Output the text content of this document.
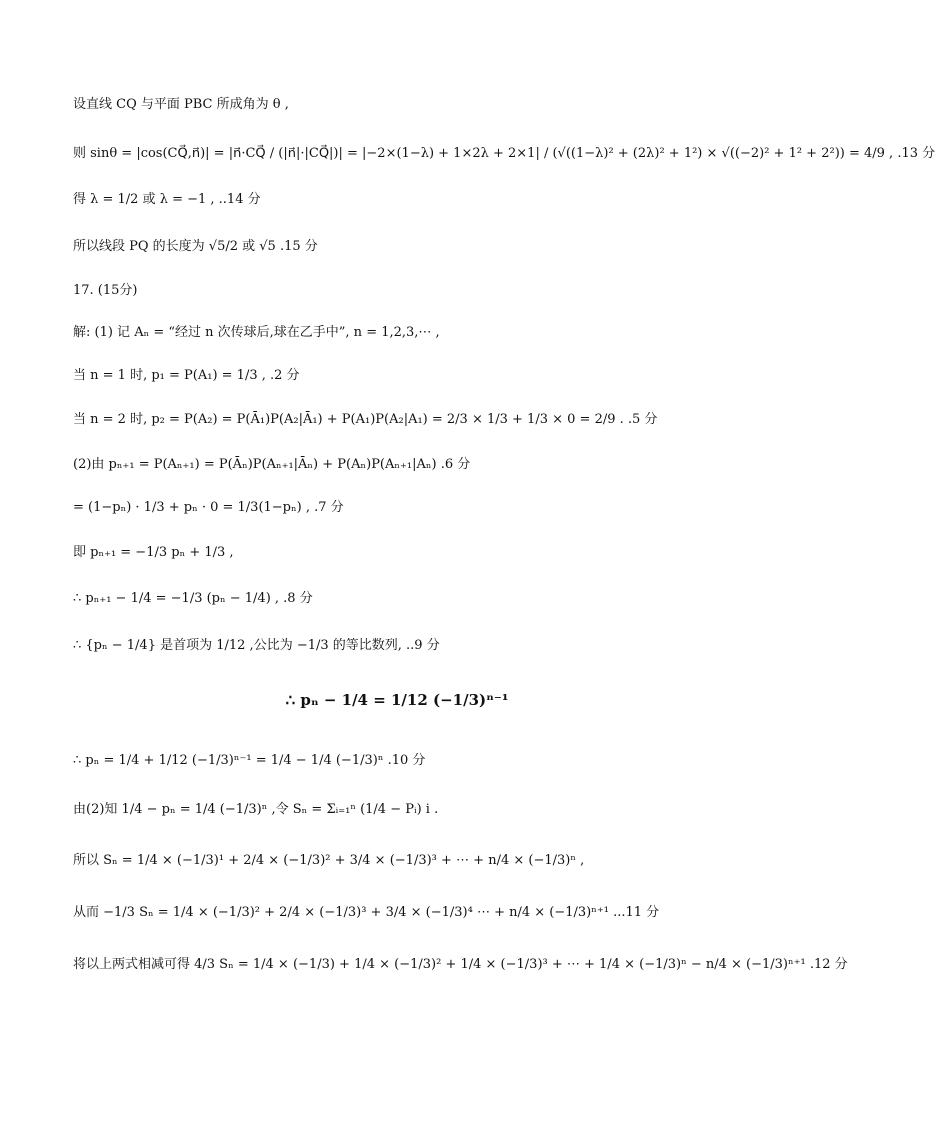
设直线 CQ 与平面 PBC 所成角为 θ ,
则 sinθ = |cos(CQ⃗,n⃗)| = |n⃗·CQ⃗ / (|n⃗|·|CQ⃗|)| = |−2×(1−λ) + 1×2λ + 2×1| / (√((1−λ)² + (2λ)² + 1²) × √((−2)² + 1² + 2²)) = 4/9 , .13 分
得 λ = 1/2 或 λ = −1 , ..14 分
所以线段 PQ 的长度为 √5/2 或 √5 .15 分
17. (15分)
解: (1) 记 Aₙ = “经过 n 次传球后,球在乙手中”, n = 1,2,3,⋯ ,
当 n = 1 时, p₁ = P(A₁) = 1/3 , .2 分
当 n = 2 时, p₂ = P(A₂) = P(Ā₁)P(A₂|Ā₁) + P(A₁)P(A₂|A₁) = 2/3 × 1/3 + 1/3 × 0 = 2/9 . .5 分
(2)由 pₙ₊₁ = P(Aₙ₊₁) = P(Āₙ)P(Aₙ₊₁|Āₙ) + P(Aₙ)P(Aₙ₊₁|Aₙ) .6 分
= (1−pₙ) · 1/3 + pₙ · 0 = 1/3(1−pₙ) , .7 分
即 pₙ₊₁ = −1/3 pₙ + 1/3 ,
∴ pₙ₊₁ − 1/4 = −1/3 (pₙ − 1/4) , .8 分
∴ {pₙ − 1/4} 是首项为 1/12 ,公比为 −1/3 的等比数列, ..9 分
∴ pₙ − 1/4 = 1/12 (−1/3)ⁿ⁻¹
∴ pₙ = 1/4 + 1/12 (−1/3)ⁿ⁻¹ = 1/4 − 1/4 (−1/3)ⁿ .10 分
由(2)知 1/4 − pₙ = 1/4 (−1/3)ⁿ ,令 Sₙ = Σᵢ₌₁ⁿ (1/4 − Pᵢ) i .
所以 Sₙ = 1/4 × (−1/3)¹ + 2/4 × (−1/3)² + 3/4 × (−1/3)³ + ⋯ + n/4 × (−1/3)ⁿ ,
从而 −1/3 Sₙ = 1/4 × (−1/3)² + 2/4 × (−1/3)³ + 3/4 × (−1/3)⁴ ⋯ + n/4 × (−1/3)ⁿ⁺¹ ...11 分
将以上两式相减可得 4/3 Sₙ = 1/4 × (−1/3) + 1/4 × (−1/3)² + 1/4 × (−1/3)³ + ⋯ + 1/4 × (−1/3)ⁿ − n/4 × (−1/3)ⁿ⁺¹ .12 分
